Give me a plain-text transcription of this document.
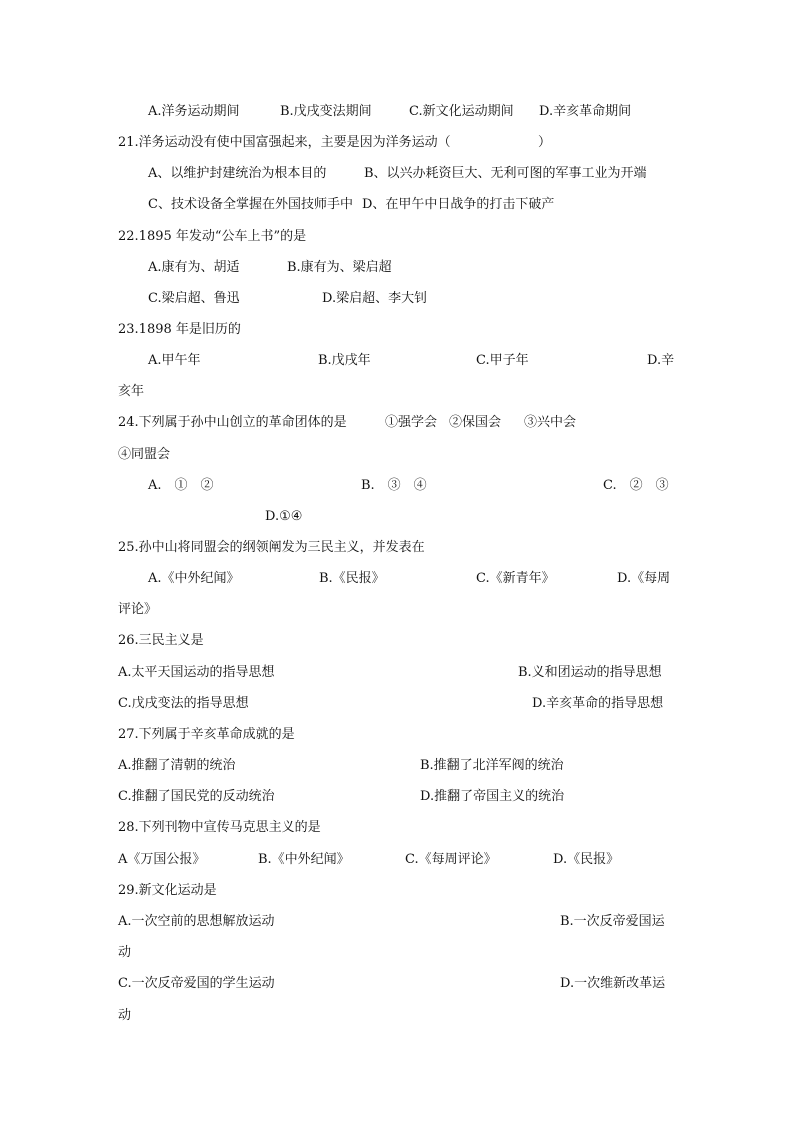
A.洋务运动期间	B.戊戌变法期间	C.新文化运动期间 D.辛亥革命期间
21.洋务运动没有使中国富强起来，主要是因为洋务运动（	）
A、以维护封建统治为根本目的	B、以兴办耗资巨大、无利可图的军事工业为开端
C、技术设备全掌握在外国技师手中 D、在甲午中日战争的打击下破产
22.1895 年发动“公车上书”的是
A.康有为、胡适	B.康有为、梁启超
C.梁启超、鲁迅	D.梁启超、李大钊
23.1898 年是旧历的
A.甲午年	B.戊戌年	C.甲子年	D.辛
亥年
24.下列属于孙中山创立的革命团体的是	①强学会 ②保国会 ③兴中会
④同盟会
A.　①　②	B.　③　④	C.　②　③
D.①④
25.孙中山将同盟会的纲领阐发为三民主义，并发表在
A.《中外纪闻》	B.《民报》	C.《新青年》	D.《每周
评论》
26.三民主义是
A.太平天国运动的指导思想	B.义和团运动的指导思想
C.戊戌变法的指导思想	D.辛亥革命的指导思想
27.下列属于辛亥革命成就的是
A.推翻了清朝的统治	B.推翻了北洋军阀的统治
C.推翻了国民党的反动统治	D.推翻了帝国主义的统治
28.下列刊物中宣传马克思主义的是
A《万国公报》	B.《中外纪闻》	C.《每周评论》	D.《民报》
29.新文化运动是
A.一次空前的思想解放运动	B.一次反帝爱国运
动
C.一次反帝爱国的学生运动	D.一次维新改革运
动
